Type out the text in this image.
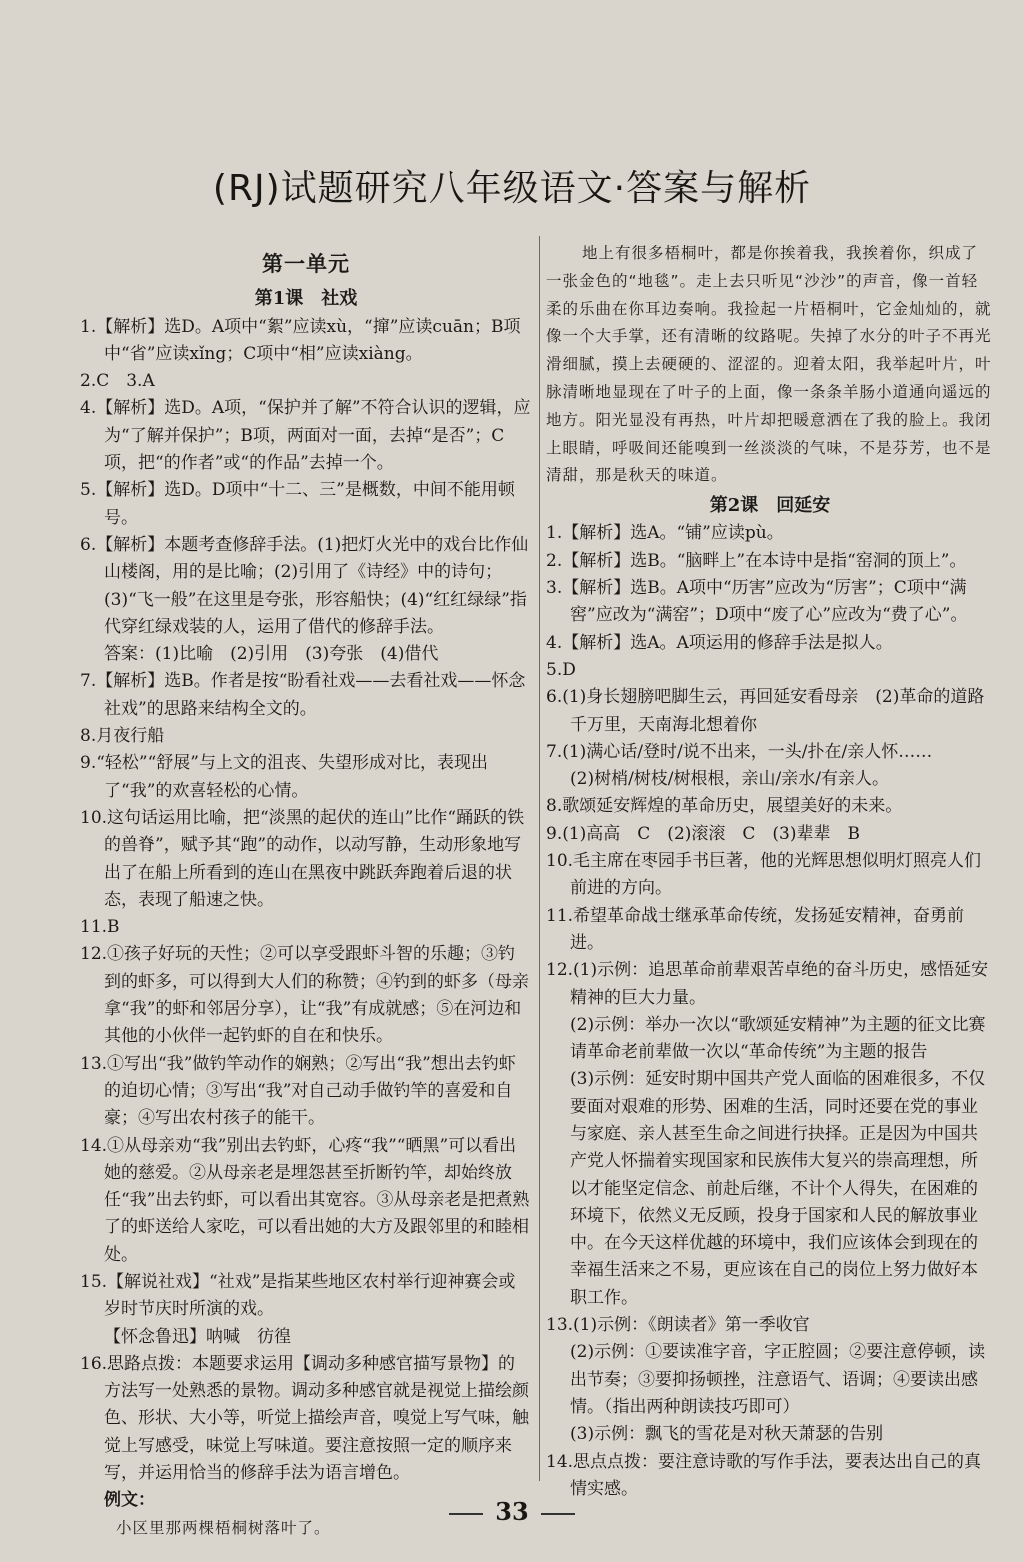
(RJ)试题研究八年级语文·答案与解析
第一单元
第1课　社戏

1.【解析】选D。A项中“絮”应读xù，“撺”应读cuān；B项中“省”应读xǐng；C项中“相”应读xiàng。

2.C　3.A

4.【解析】选D。A项，“保护并了解”不符合认识的逻辑，应为“了解并保护”；B项，两面对一面，去掉“是否”；C项，把“的作者”或“的作品”去掉一个。

5.【解析】选D。D项中“十二、三”是概数，中间不能用顿号。

6.【解析】本题考查修辞手法。(1)把灯火光中的戏台比作仙山楼阁，用的是比喻；(2)引用了《诗经》中的诗句；(3)“飞一般”在这里是夸张，形容船快；(4)“红红绿绿”指代穿红绿戏装的人，运用了借代的修辞手法。

答案：(1)比喻　(2)引用　(3)夸张　(4)借代

7.【解析】选B。作者是按“盼看社戏——去看社戏——怀念社戏”的思路来结构全文的。

8.月夜行船

9.“轻松”“舒展”与上文的沮丧、失望形成对比，表现出了“我”的欢喜轻松的心情。

10.这句话运用比喻，把“淡黑的起伏的连山”比作“踊跃的铁的兽脊”，赋予其“跑”的动作，以动写静，生动形象地写出了在船上所看到的连山在黑夜中跳跃奔跑着后退的状态，表现了船速之快。

11.B

12.①孩子好玩的天性；②可以享受跟虾斗智的乐趣；③钓到的虾多，可以得到大人们的称赞；④钓到的虾多（母亲拿“我”的虾和邻居分享），让“我”有成就感；⑤在河边和其他的小伙伴一起钓虾的自在和快乐。

13.①写出“我”做钓竿动作的娴熟；②写出“我”想出去钓虾的迫切心情；③写出“我”对自己动手做钓竿的喜爱和自豪；④写出农村孩子的能干。

14.①从母亲劝“我”别出去钓虾，心疼“我”“晒黑”可以看出她的慈爱。②从母亲老是埋怨甚至折断钓竿，却始终放任“我”出去钓虾，可以看出其宽容。③从母亲老是把煮熟了的虾送给人家吃，可以看出她的大方及跟邻里的和睦相处。

15.【解说社戏】“社戏”是指某些地区农村举行迎神赛会或岁时节庆时所演的戏。

【怀念鲁迅】呐喊　彷徨

16.思路点拨：本题要求运用【调动多种感官描写景物】的方法写一处熟悉的景物。调动多种感官就是视觉上描绘颜色、形状、大小等，听觉上描绘声音，嗅觉上写气味，触觉上写感受，味觉上写味道。要注意按照一定的顺序来写，并运用恰当的修辞手法为语言增色。

例文：

小区里那两棵梧桐树落叶了。

地上有很多梧桐叶，都是你挨着我，我挨着你，织成了一张金色的“地毯”。走上去只听见“沙沙”的声音，像一首轻柔的乐曲在你耳边奏响。我捡起一片梧桐叶，它金灿灿的，就像一个大手掌，还有清晰的纹路呢。失掉了水分的叶子不再光滑细腻，摸上去硬硬的、涩涩的。迎着太阳，我举起叶片，叶脉清晰地显现在了叶子的上面，像一条条羊肠小道通向遥远的地方。阳光显没有再热，叶片却把暖意洒在了我的脸上。我闭上眼睛，呼吸间还能嗅到一丝淡淡的气味，不是芬芳，也不是清甜，那是秋天的味道。

第2课　回延安

1.【解析】选A。“铺”应读pù。

2.【解析】选B。“脑畔上”在本诗中是指“窑洞的顶上”。

3.【解析】选B。A项中“历害”应改为“厉害”；C项中“满窖”应改为“满窑”；D项中“废了心”应改为“费了心”。

4.【解析】选A。A项运用的修辞手法是拟人。

5.D

6.(1)身长翅膀吧脚生云，再回延安看母亲　(2)革命的道路千万里，天南海北想着你

7.(1)满心话/登时/说不出来，一头/扑在/亲人怀……

(2)树梢/树枝/树根根，亲山/亲水/有亲人。

8.歌颂延安辉煌的革命历史，展望美好的未来。

9.(1)高高　C　(2)滚滚　C　(3)辈辈　B

10.毛主席在枣园手书巨著，他的光辉思想似明灯照亮人们前进的方向。

11.希望革命战士继承革命传统，发扬延安精神，奋勇前进。

12.(1)示例：追思革命前辈艰苦卓绝的奋斗历史，感悟延安精神的巨大力量。

(2)示例：举办一次以“歌颂延安精神”为主题的征文比赛　请革命老前辈做一次以“革命传统”为主题的报告

(3)示例：延安时期中国共产党人面临的困难很多，不仅要面对艰难的形势、困难的生活，同时还要在党的事业与家庭、亲人甚至生命之间进行抉择。正是因为中国共产党人怀揣着实现国家和民族伟大复兴的崇高理想，所以才能坚定信念、前赴后继，不计个人得失，在困难的环境下，依然义无反顾，投身于国家和人民的解放事业中。在今天这样优越的环境中，我们应该体会到现在的幸福生活来之不易，更应该在自己的岗位上努力做好本职工作。

13.(1)示例：《朗读者》第一季收官

(2)示例：①要读准字音，字正腔圆；②要注意停顿，读出节奏；③要抑扬顿挫，注意语气、语调；④要读出感情。（指出两种朗读技巧即可）

(3)示例：飘飞的雪花是对秋天萧瑟的告别

14.思点点拨：要注意诗歌的写作手法，要表达出自己的真情实感。

33
